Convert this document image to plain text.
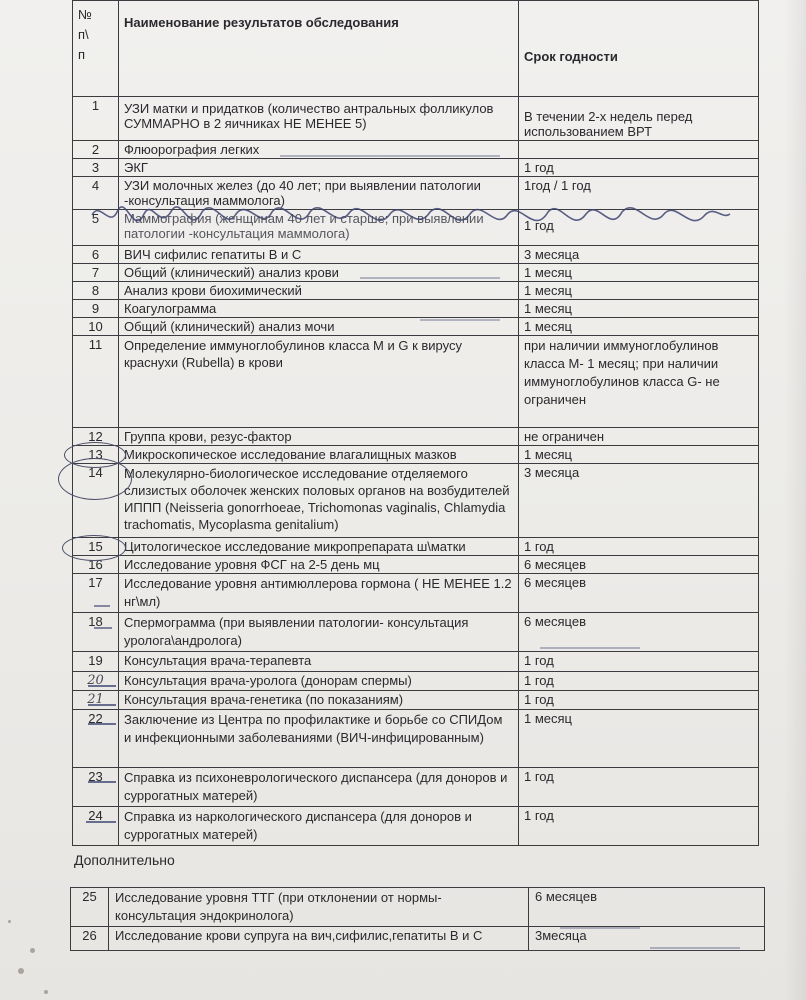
№
п\
п	Наименование результатов обследования	Срок годности
1	УЗИ матки и придатков (количество антральных фолликулов СУММАРНО в 2 яичниках НЕ МЕНЕЕ 5)	В течении 2-х недель перед использованием ВРТ
2	Флюорография легких	
3	ЭКГ	1 год
4	УЗИ молочных желез (до 40 лет; при выявлении патологии -консультация маммолога)	1год / 1 год
5	Маммография (женщинам 40 лет и старше; при выявлении патологии -консультация маммолога)	1 год
6	ВИЧ сифилис гепатиты В и С	3 месяца
7	Общий (клинический) анализ крови	1 месяц
8	Анализ крови биохимический	1 месяц
9	Коагулограмма	1 месяц
10	Общий (клинический) анализ мочи	1 месяц
11	Определение иммуноглобулинов класса М и G к вирусу краснухи (Rubella) в крови	при наличии иммуноглобулинов класса М- 1 месяц; при наличии иммуноглобулинов класса G- не ограничен
12	Группа крови, резус-фактор	не ограничен
13	Микроскопическое исследование влагалищных мазков	1 месяц
14	Молекулярно-биологическое исследование отделяемого слизистых оболочек женских половых органов на возбудителей ИППП (Neisseria gonorrhoeae, Trichomonas vaginalis, Chlamydia trachomatis, Mycoplasma genitalium)	3 месяца
15	Цитологическое исследование микропрепарата ш\матки	1 год
16	Исследование уровня ФСГ на 2-5 день мц	6 месяцев
17	Исследование уровня антимюллерова гормона ( НЕ МЕНЕЕ 1.2 нг\мл)	6 месяцев
18	Спермограмма (при выявлении патологии- консультация уролога\андролога)	6 месяцев
19	Консультация врача-терапевта	1 год
20	Консультация врача-уролога (донорам спермы)	1 год
21	Консультация врача-генетика (по показаниям)	1 год
22	Заключение из Центра по профилактике и борьбе со СПИДом и инфекционными заболеваниями (ВИЧ-инфицированным)	1 месяц
23	Справка из психоневрологического диспансера (для доноров и суррогатных матерей)	1 год
24	Справка из наркологического диспансера (для доноров и суррогатных матерей)	1 год
Дополнительно
25	Исследование уровня ТТГ (при отклонении от нормы- консультация эндокринолога)	6 месяцев
26	Исследование крови супруга на вич,сифилис,гепатиты В и С	3месяца
